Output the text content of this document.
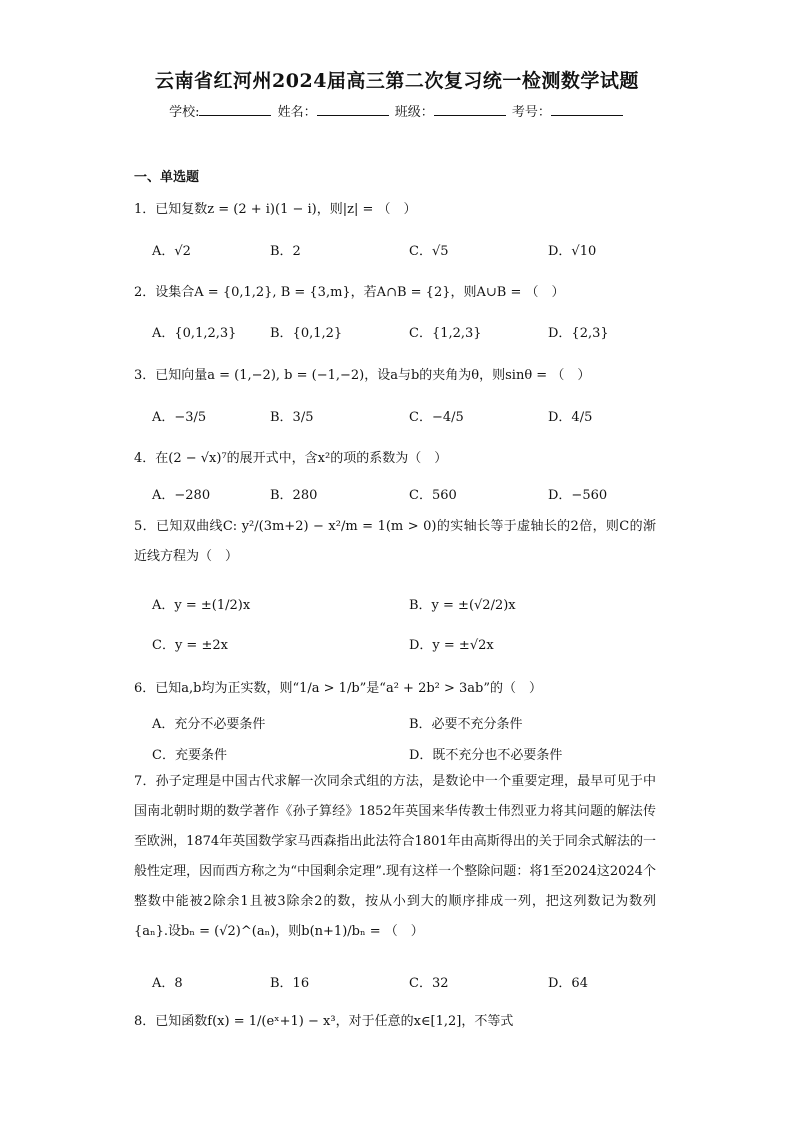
云南省红河州2024届高三第二次复习统一检测数学试题
学校:	姓名：	班级：	考号：
一、单选题
1．已知复数z = (2 + i)(1 − i)，则|z| = （　）
A．√2	B．2	C．√5	D．√10
2．设集合A = {0,1,2}, B = {3,m}，若A∩B = {2}，则A∪B = （　）
A．{0,1,2,3}	B．{0,1,2}	C．{1,2,3}	D．{2,3}
3．已知向量a = (1,−2), b = (−1,−2)，设a与b的夹角为θ，则sinθ = （　）
A．−3/5	B．3/5	C．−4/5	D．4/5
4．在(2 − √x)⁷的展开式中，含x²的项的系数为（　）
A．−280	B．280	C．560	D．−560
5．已知双曲线C: y²/(3m+2) − x²/m = 1(m > 0)的实轴长等于虚轴长的2倍，则C的渐近线方程为（　）
A．y = ±(1/2)x	B．y = ±(√2/2)x
C．y = ±2x	D．y = ±√2x
6．已知a,b均为正实数，则“1/a > 1/b”是“a² + 2b² > 3ab”的（　）
A．充分不必要条件	B．必要不充分条件
C．充要条件	D．既不充分也不必要条件
7．孙子定理是中国古代求解一次同余式组的方法，是数论中一个重要定理，最早可见于中国南北朝时期的数学著作《孙子算经》1852年英国来华传教士伟烈亚力将其问题的解法传至欧洲，1874年英国数学家马西森指出此法符合1801年由高斯得出的关于同余式解法的一般性定理，因而西方称之为“中国剩余定理”.现有这样一个整除问题：将1至2024这2024个整数中能被2除余1且被3除余2的数，按从小到大的顺序排成一列，把这列数记为数列{aₙ}.设bₙ = (√2)^(aₙ)，则b(n+1)/bₙ = （　）
A．8	B．16	C．32	D．64
8．已知函数f(x) = 1/(eˣ+1) − x³，对于任意的x∈[1,2]，不等式
